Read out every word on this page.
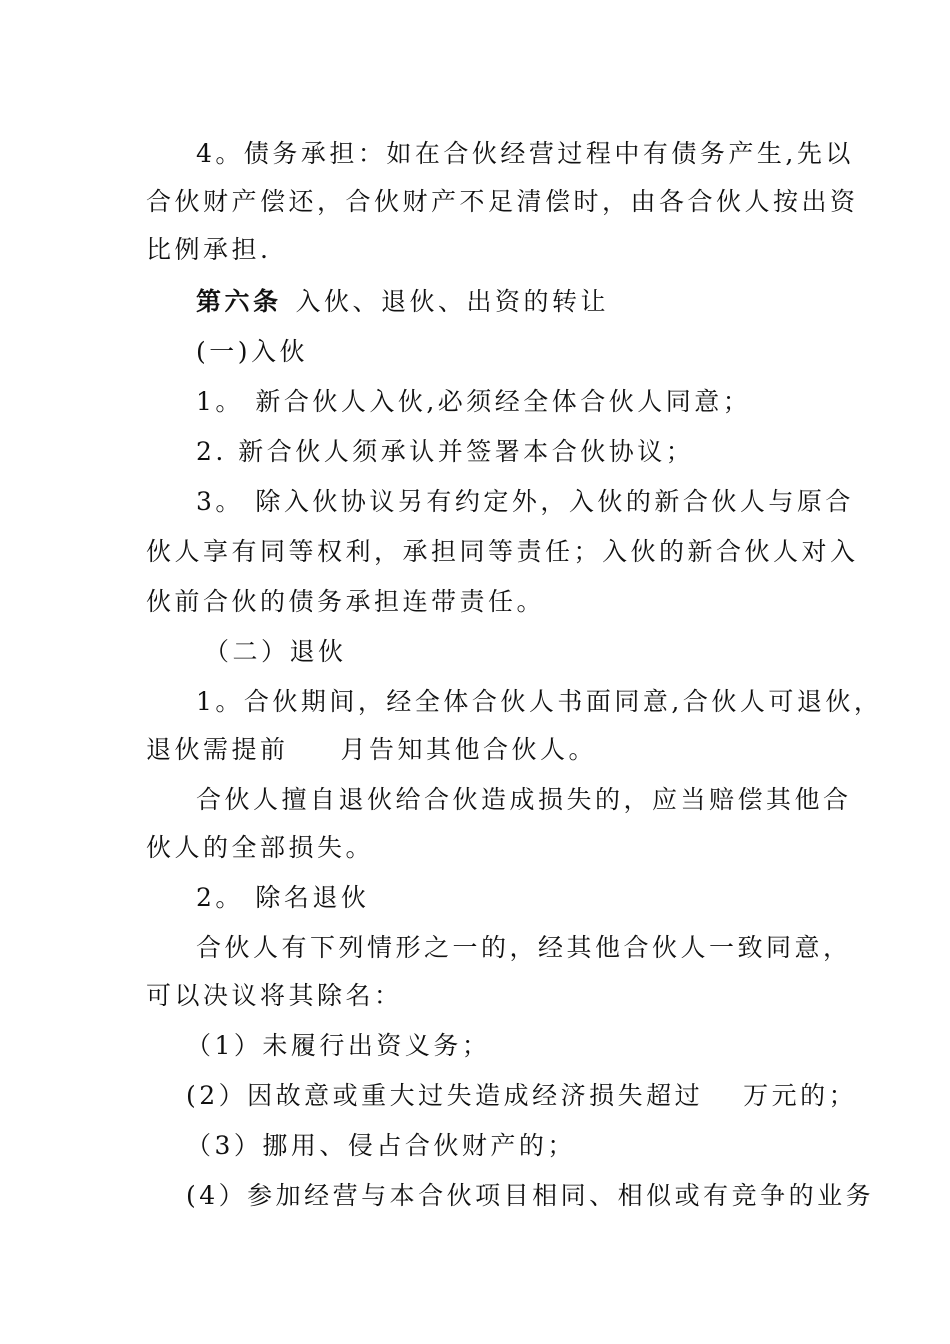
4。债务承担：如在合伙经营过程中有债务产生,先以
合伙财产偿还，合伙财产不足清偿时，由各合伙人按出资
比例承担.
第六条 入伙、退伙、出资的转让
(一)入伙
1。 新合伙人入伙,必须经全体合伙人同意；
2. 新合伙人须承认并签署本合伙协议；
3。 除入伙协议另有约定外，入伙的新合伙人与原合
伙人享有同等权利，承担同等责任；入伙的新合伙人对入
伙前合伙的债务承担连带责任。
（二）退伙
1。合伙期间，经全体合伙人书面同意,合伙人可退伙，
退伙需提前 月告知其他合伙人。
合伙人擅自退伙给合伙造成损失的，应当赔偿其他合
伙人的全部损失。
2。 除名退伙
合伙人有下列情形之一的，经其他合伙人一致同意，
可以决议将其除名：
（1）未履行出资义务；
(2）因故意或重大过失造成经济损失超过 万元的；
（3）挪用、侵占合伙财产的；
(4）参加经营与本合伙项目相同、相似或有竞争的业务
